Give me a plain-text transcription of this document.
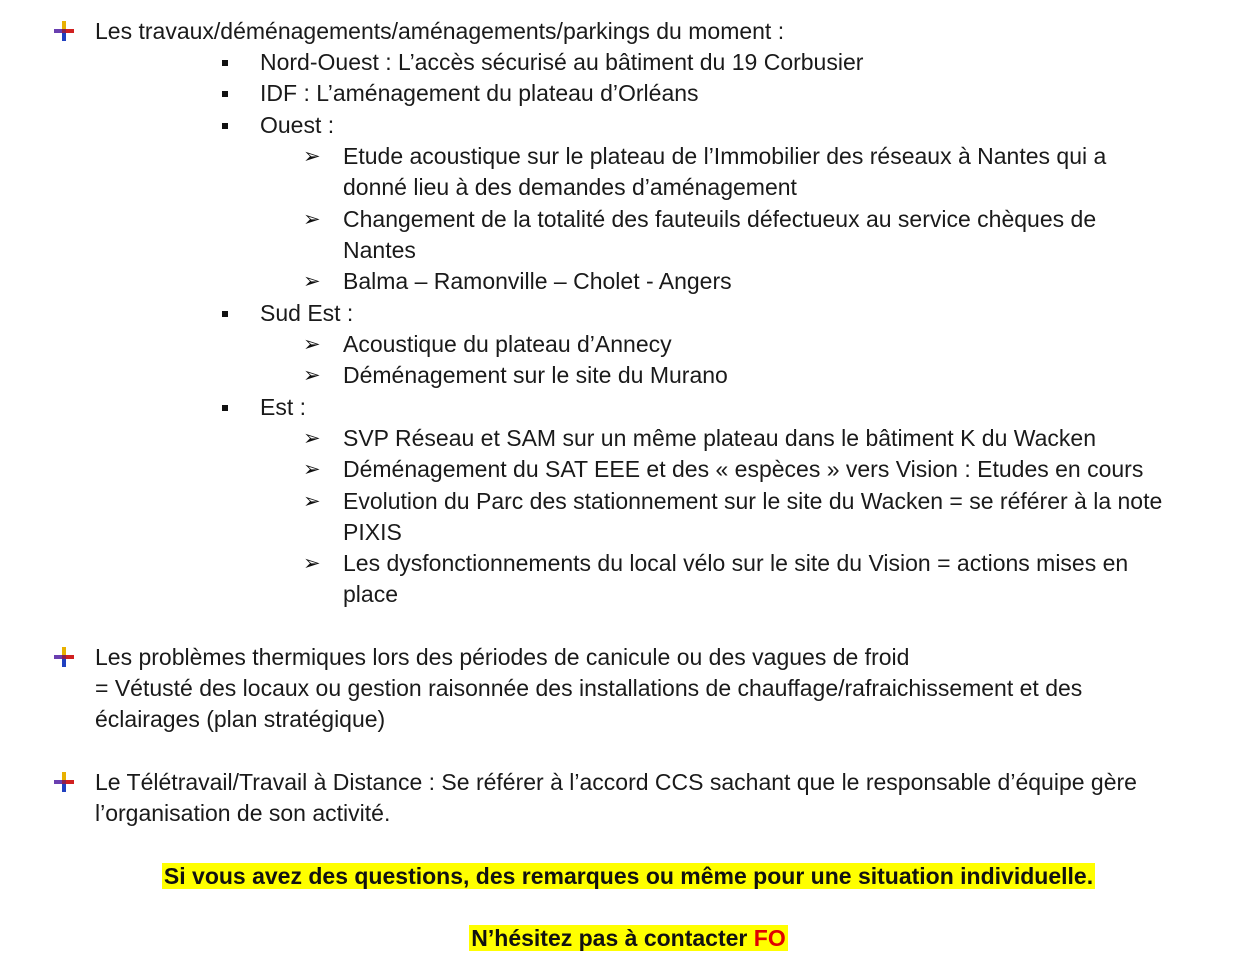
Les travaux/déménagements/aménagements/parkings du moment :
Nord-Ouest : L’accès sécurisé au bâtiment du 19 Corbusier
IDF : L’aménagement du plateau d’Orléans
Ouest :
➢ Etude acoustique sur le plateau de l’Immobilier des réseaux à Nantes qui a
donné lieu à des demandes d’aménagement
➢ Changement de la totalité des fauteuils défectueux au service chèques de
Nantes
➢ Balma – Ramonville – Cholet - Angers
Sud Est :
➢ Acoustique du plateau d’Annecy
➢ Déménagement sur le site du Murano
Est :
➢ SVP Réseau et SAM sur un même plateau dans le bâtiment K du Wacken
➢ Déménagement du SAT EEE et des « espèces » vers Vision : Etudes en cours
➢ Evolution du Parc des stationnement sur le site du Wacken = se référer à la note
PIXIS
➢ Les dysfonctionnements du local vélo sur le site du Vision = actions mises en
place
Les problèmes thermiques lors des périodes de canicule ou des vagues de froid
= Vétusté des locaux ou gestion raisonnée des installations de chauffage/rafraichissement et des
éclairages (plan stratégique)
Le Télétravail/Travail à Distance : Se référer à l’accord CCS sachant que le responsable d’équipe gère
l’organisation de son activité.
Si vous avez des questions, des remarques ou même pour une situation individuelle.
N’hésitez pas à contacter FO
